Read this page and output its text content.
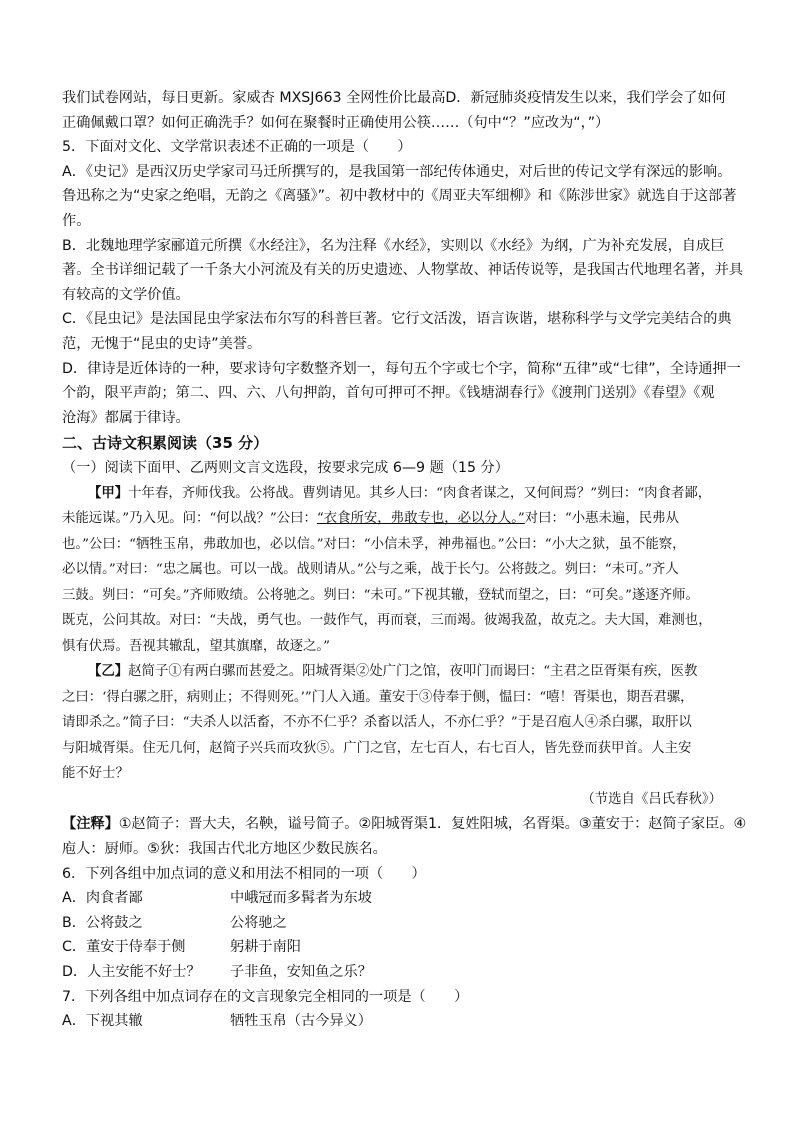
我们试卷网站，每日更新。家威杏 MXSJ663 全网性价比最高D．新冠肺炎疫情发生以来，我们学会了如何
正确佩戴口罩？如何正确洗手？如何在聚餐时正确使用公筷……（句中“？”应改为“，”）
5．下面对文化、文学常识表述不正确的一项是（　　）
A．《史记》是西汉历史学家司马迁所撰写的，是我国第一部纪传体通史，对后世的传记文学有深远的影响。
鲁迅称之为“史家之绝唱，无韵之《离骚》”。初中教材中的《周亚夫军细柳》和《陈涉世家》就选自于这部著
作。
B．北魏地理学家郦道元所撰《水经注》，名为注释《水经》，实则以《水经》为纲，广为补充发展，自成巨
著。全书详细记载了一千条大小河流及有关的历史遗迹、人物掌故、神话传说等，是我国古代地理名著，并具
有较高的文学价值。
C．《昆虫记》是法国昆虫学家法布尔写的科普巨著。它行文活泼，语言诙谐，堪称科学与文学完美结合的典
范，无愧于“昆虫的史诗”美誉。
D．律诗是近体诗的一种，要求诗句字数整齐划一，每句五个字或七个字，简称“五律”或“七律”，全诗通押一
个韵，限平声韵；第二、四、六、八句押韵，首句可押可不押。《钱塘湖春行》《渡荆门送别》《春望》《观
沧海》都属于律诗。
二、古诗文积累阅读（35 分）
（一）阅读下面甲、乙两则文言文选段，按要求完成 6—9 题（15 分）
【甲】十年春，齐师伐我。公将战。曹刿请见。其乡人曰：“肉食者谋之，又何间焉？”刿曰：“肉食者鄙，
未能远谋。”乃入见。问：“何以战？”公曰：“衣食所安，弗敢专也，必以分人。”对曰：“小惠未遍，民弗从
也。”公曰：“牺牲玉帛，弗敢加也，必以信。”对曰：“小信未孚，神弗福也。”公曰：“小大之狱，虽不能察，
必以情。”对曰：“忠之属也。可以一战。战则请从。”公与之乘，战于长勺。公将鼓之。刿曰：“未可。”齐人
三鼓。刿曰：“可矣。”齐师败绩。公将驰之。刿曰：“未可。”下视其辙，登轼而望之，曰：“可矣。”遂逐齐师。
既克，公问其故。对曰：“夫战，勇气也。一鼓作气，再而衰，三而竭。彼竭我盈，故克之。夫大国，难测也，
惧有伏焉。吾视其辙乱，望其旗靡，故逐之。”
【乙】赵简子①有两白骡而甚爱之。阳城胥渠②处广门之馆，夜叩门而谒曰：“主君之臣胥渠有疾，医教
之曰：‘得白骡之肝，病则止；不得则死。’”门人入通。董安于③侍奉于侧，愠曰：“嘻！胥渠也，期吾君骡，
请即杀之。”简子曰：“夫杀人以活畜，不亦不仁乎？杀畜以活人，不亦仁乎？”于是召庖人④杀白骡，取肝以
与阳城胥渠。住无几何，赵简子兴兵而攻狄⑤。广门之官，左七百人，右七百人，皆先登而获甲首。人主安
能不好士？
（节选自《吕氏春秋》）
【注释】①赵简子：晋大夫，名鞅，谥号简子。②阳城胥渠1．复姓阳城，名胥渠。③董安于：赵简子家臣。④
庖人：厨师。⑤狄：我国古代北方地区少数民族名。
6．下列各组中加点词的意义和用法不相同的一项（　　）
A．肉食者鄙	中峨冠而多髯者为东坡
B．公将鼓之	公将驰之
C．董安于侍奉于侧	躬耕于南阳
D．人主安能不好士？	子非鱼，安知鱼之乐？
7．下列各组中加点词存在的文言现象完全相同的一项是（　　）
A．下视其辙	牺牲玉帛（古今异义）
